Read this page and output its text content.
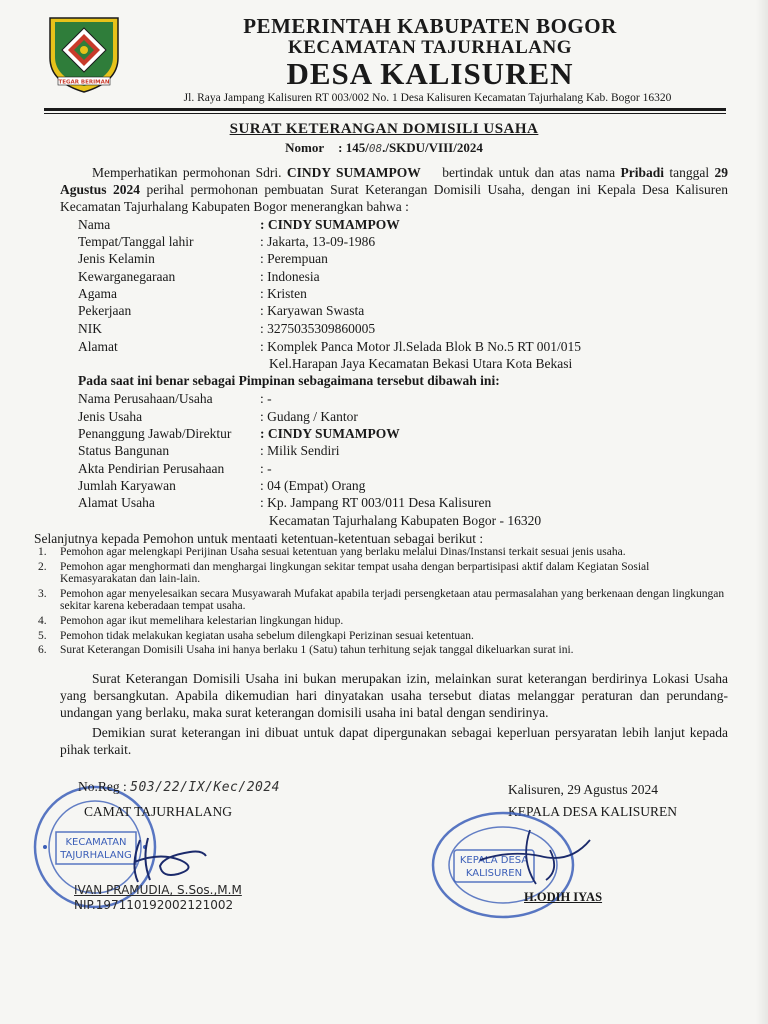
TEGAR BERIMAN
PEMERINTAH KABUPATEN BOGOR
KECAMATAN TAJURHALANG
DESA KALISUREN
Jl. Raya Jampang Kalisuren RT 003/002 No. 1 Desa Kalisuren Kecamatan Tajurhalang Kab. Bogor 16320
SURAT KETERANGAN DOMISILI USAHA
Nomor : 145/08./SKDU/VIII/2024
Memperhatikan permohonan Sdri. CINDY SUMAMPOW    bertindak untuk dan atas nama Pribadi tanggal 29 Agustus 2024 perihal permohonan pembuatan Surat Keterangan Domisili Usaha, dengan ini Kepala Desa Kalisuren Kecamatan Tajurhalang Kabupaten Bogor menerangkan bahwa :
Nama	: CINDY SUMAMPOW
Tempat/Tanggal lahir	: Jakarta, 13-09-1986
Jenis Kelamin	: Perempuan
Kewarganegaraan	: Indonesia
Agama	: Kristen
Pekerjaan	: Karyawan Swasta
NIK	: 3275035309860005
Alamat	: Komplek Panca Motor Jl.Selada Blok B No.5 RT 001/015
Kel.Harapan Jaya Kecamatan Bekasi Utara Kota Bekasi
Pada saat ini benar sebagai Pimpinan sebagaimana tersebut dibawah ini:
Nama Perusahaan/Usaha	: -
Jenis Usaha	: Gudang / Kantor
Penanggung Jawab/Direktur : CINDY SUMAMPOW
Status Bangunan	: Milik Sendiri
Akta Pendirian Perusahaan	: -
Jumlah Karyawan	: 04 (Empat) Orang
Alamat Usaha	: Kp. Jampang RT 003/011 Desa Kalisuren
Kecamatan Tajurhalang Kabupaten Bogor - 16320
Selanjutnya kepada Pemohon untuk mentaati ketentuan-ketentuan sebagai berikut :
1. Pemohon agar melengkapi Perijinan Usaha sesuai ketentuan yang berlaku melalui Dinas/Instansi terkait sesuai jenis usaha.
2. Pemohon agar menghormati dan menghargai lingkungan sekitar tempat usaha dengan berpartisipasi aktif dalam Kegiatan Sosial Kemasyarakatan dan lain-lain.
3. Pemohon agar menyelesaikan secara Musyawarah Mufakat apabila terjadi persengketaan atau permasalahan yang berkenaan dengan lingkungan sekitar karena keberadaan tempat usaha.
4. Pemohon agar ikut memelihara kelestarian lingkungan hidup.
5. Pemohon tidak melakukan kegiatan usaha sebelum dilengkapi Perizinan sesuai ketentuan.
6. Surat Keterangan Domisili Usaha ini hanya berlaku 1 (Satu) tahun terhitung sejak tanggal dikeluarkan surat ini.
Surat Keterangan Domisili Usaha ini bukan merupakan izin, melainkan surat keterangan berdirinya Lokasi Usaha yang bersangkutan. Apabila dikemudian hari dinyatakan usaha tersebut diatas melanggar peraturan dan perundang-undangan yang berlaku, maka surat keterangan domisili usaha ini batal dengan sendirinya.
Demikian surat keterangan ini dibuat untuk dapat dipergunakan sebagai keperluan persyaratan lebih lanjut kepada pihak terkait.
KECAMATAN
TAJURHALANG
No.Reg : 503/22/IX/Kec/2024
CAMAT TAJURHALANG
IVAN PRAMUDIA, S.Sos.,M.M
NIP.197110192002121002
Kalisuren, 29 Agustus 2024
KEPALA DESA KALISUREN
KEPALA DESA
KALISUREN
H.ODIH IYAS
